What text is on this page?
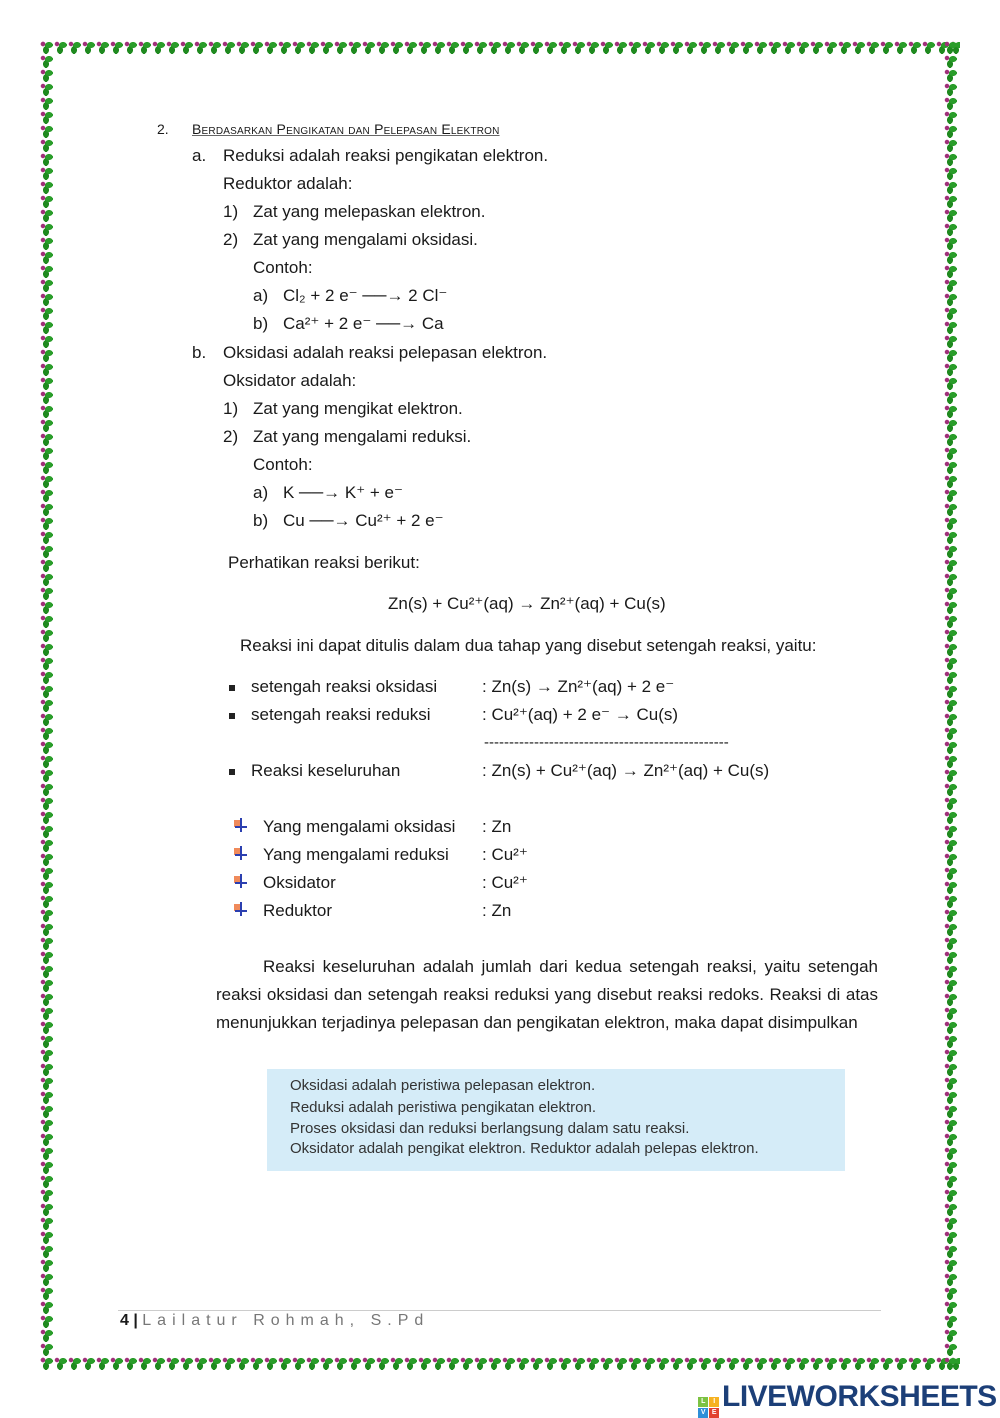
2. Berdasarkan Pengikatan dan Pelepasan Elektron
a. Reduksi adalah reaksi pengikatan elektron.
Reduktor adalah:
1) Zat yang melepaskan elektron.
2) Zat yang mengalami oksidasi.
Contoh:
a) Cl₂ + 2 e⁻ ──→ 2 Cl⁻
b) Ca²⁺ + 2 e⁻ ──→ Ca
b. Oksidasi adalah reaksi pelepasan elektron.
Oksidator adalah:
1) Zat yang mengikat elektron.
2) Zat yang mengalami reduksi.
Contoh:
a) K ──→ K⁺ + e⁻
b) Cu ──→ Cu²⁺ + 2 e⁻
Perhatikan reaksi berikut:
Zn(s) + Cu²⁺(aq) → Zn²⁺(aq) + Cu(s)
Reaksi ini dapat ditulis dalam dua tahap yang disebut setengah reaksi, yaitu:
setengah reaksi oksidasi	: Zn(s) → Zn²⁺(aq) + 2 e⁻
setengah reaksi reduksi	: Cu²⁺(aq) + 2 e⁻ → Cu(s)
-------------------------------------------------
Reaksi keseluruhan	: Zn(s) + Cu²⁺(aq) → Zn²⁺(aq) + Cu(s)
Yang mengalami oksidasi : Zn
Yang mengalami reduksi : Cu²⁺
Oksidator	: Cu²⁺
Reduktor	: Zn
Reaksi keseluruhan adalah jumlah dari kedua setengah reaksi, yaitu setengah reaksi oksidasi dan setengah reaksi reduksi yang disebut reaksi redoks. Reaksi di atas menunjukkan terjadinya pelepasan dan pengikatan elektron, maka dapat disimpulkan
Oksidasi adalah peristiwa pelepasan elektron.
Reduksi adalah peristiwa pengikatan elektron.
Proses oksidasi dan reduksi berlangsung dalam satu reaksi.
Oksidator adalah pengikat elektron. Reduktor adalah pelepas elektron.
4 | Lailatur Rohmah, S.Pd
L	I
V E LIVEWORKSHEETS
